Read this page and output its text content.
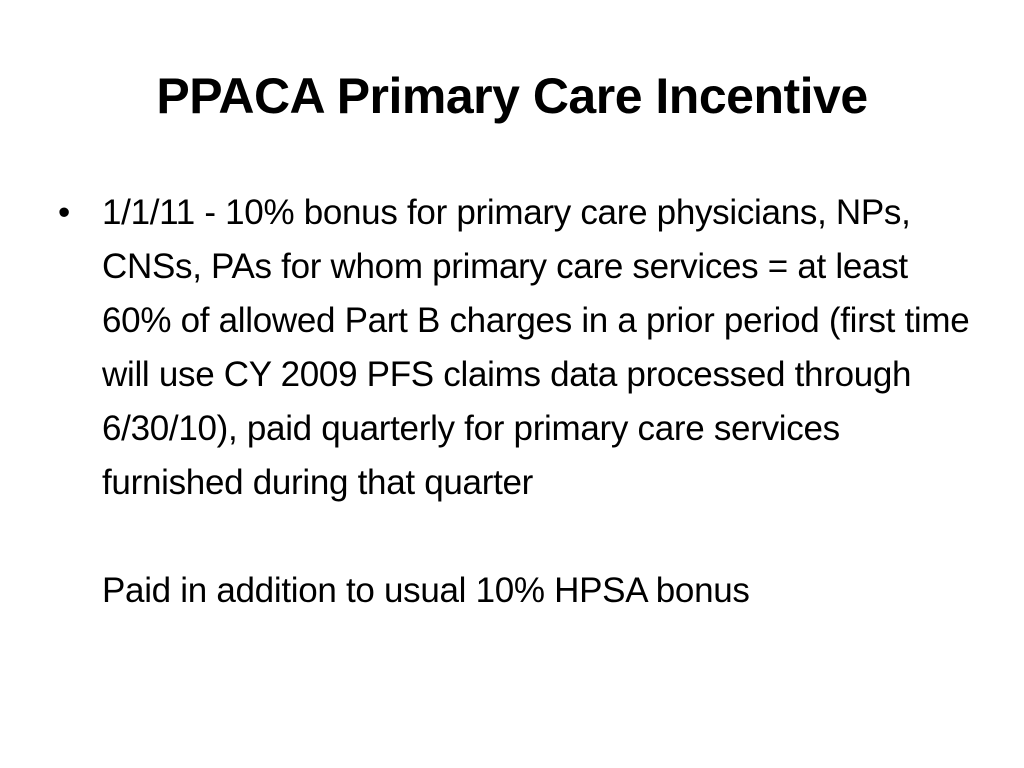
PPACA Primary Care Incentive
• 1/1/11 - 10% bonus for primary care physicians, NPs, CNSs, PAs for whom primary care services = at least 60% of allowed Part B charges in a prior period (first time will use CY 2009 PFS claims data processed through 6/30/10), paid quarterly for primary care services furnished during that quarter
Paid in addition to usual 10% HPSA bonus
